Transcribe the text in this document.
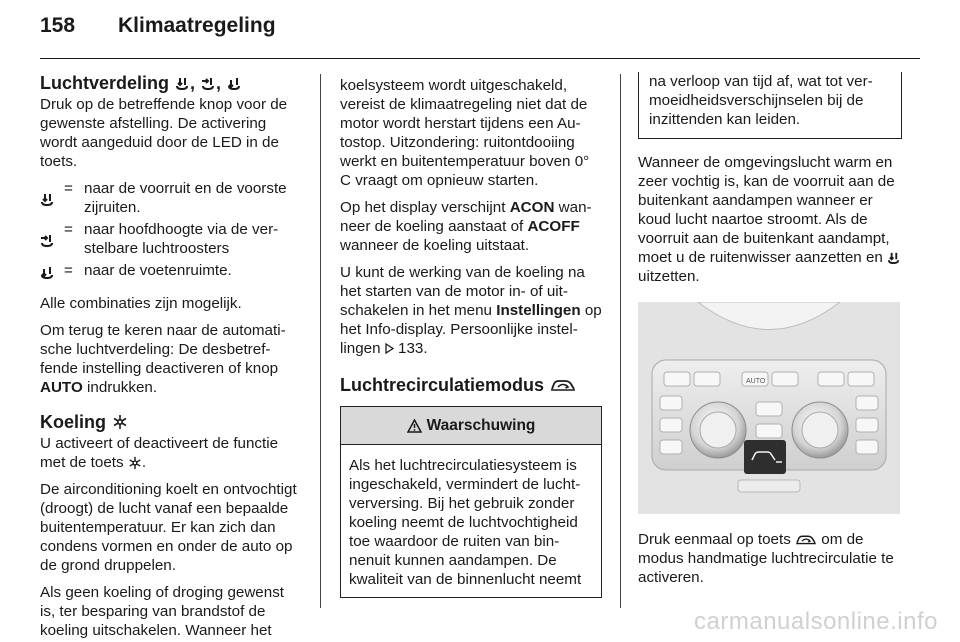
158	Klimaatregeling
Luchtverdeling , ,

Druk op de betreffende knop voor de gewenste afstelling. De activering wordt aangeduid door de LED in de toets.

= naar de voorruit en de voorste zijruiten.
= naar hoofdhoogte via de verstelbare luchtroosters
= naar de voetenruimte.

Alle combinaties zijn mogelijk.

Om terug te keren naar de automatische luchtverdeling: De desbetreffende instelling deactiveren of knop AUTO indrukken.

Koeling

U activeert of deactiveert de functie met de toets .

De airconditioning koelt en ontvochtigt (droogt) de lucht vanaf een bepaalde buitentemperatuur. Er kan zich dan condens vormen en onder de auto op de grond druppelen.

Als geen koeling of droging gewenst is, ter besparing van brandstof de koeling uitschakelen. Wanneer het

koelsysteem wordt uitgeschakeld, vereist de klimaatregeling niet dat de motor wordt herstart tijdens een Autostop. Uitzondering: ruitontdooiing werkt en buitentemperatuur boven 0° C vraagt om opnieuw starten.

Op het display verschijnt ACON wanneer de koeling aanstaat of ACOFF wanneer de koeling uitstaat.

U kunt de werking van de koeling na het starten van de motor in- of uitschakelen in het menu Instellingen op het Info-display. Persoonlijke instellingen 133.

Luchtrecirculatiemodus
Waarschuwing
Als het luchtrecirculatiesysteem is ingeschakeld, vermindert de luchtverversing. Bij het gebruik zonder koeling neemt de luchtvochtigheid toe waardoor de ruiten van binnenuit kunnen aandampen. De kwaliteit van de binnenlucht neemt
na verloop van tijd af, wat tot vermoeidheidsverschijnselen bij de inzittenden kan leiden.

Wanneer de omgevingslucht warm en zeer vochtig is, kan de voorruit aan de buitenkant aandampen wanneer er koud lucht naartoe stroomt. Als de voorruit aan de buitenkant aandampt, moet u de ruitenwisser aanzetten en
uitzetten.

AUTO

Druk eenmaal op toets om de modus handmatige luchtrecirculatie te activeren.

carmanualsonline.info
